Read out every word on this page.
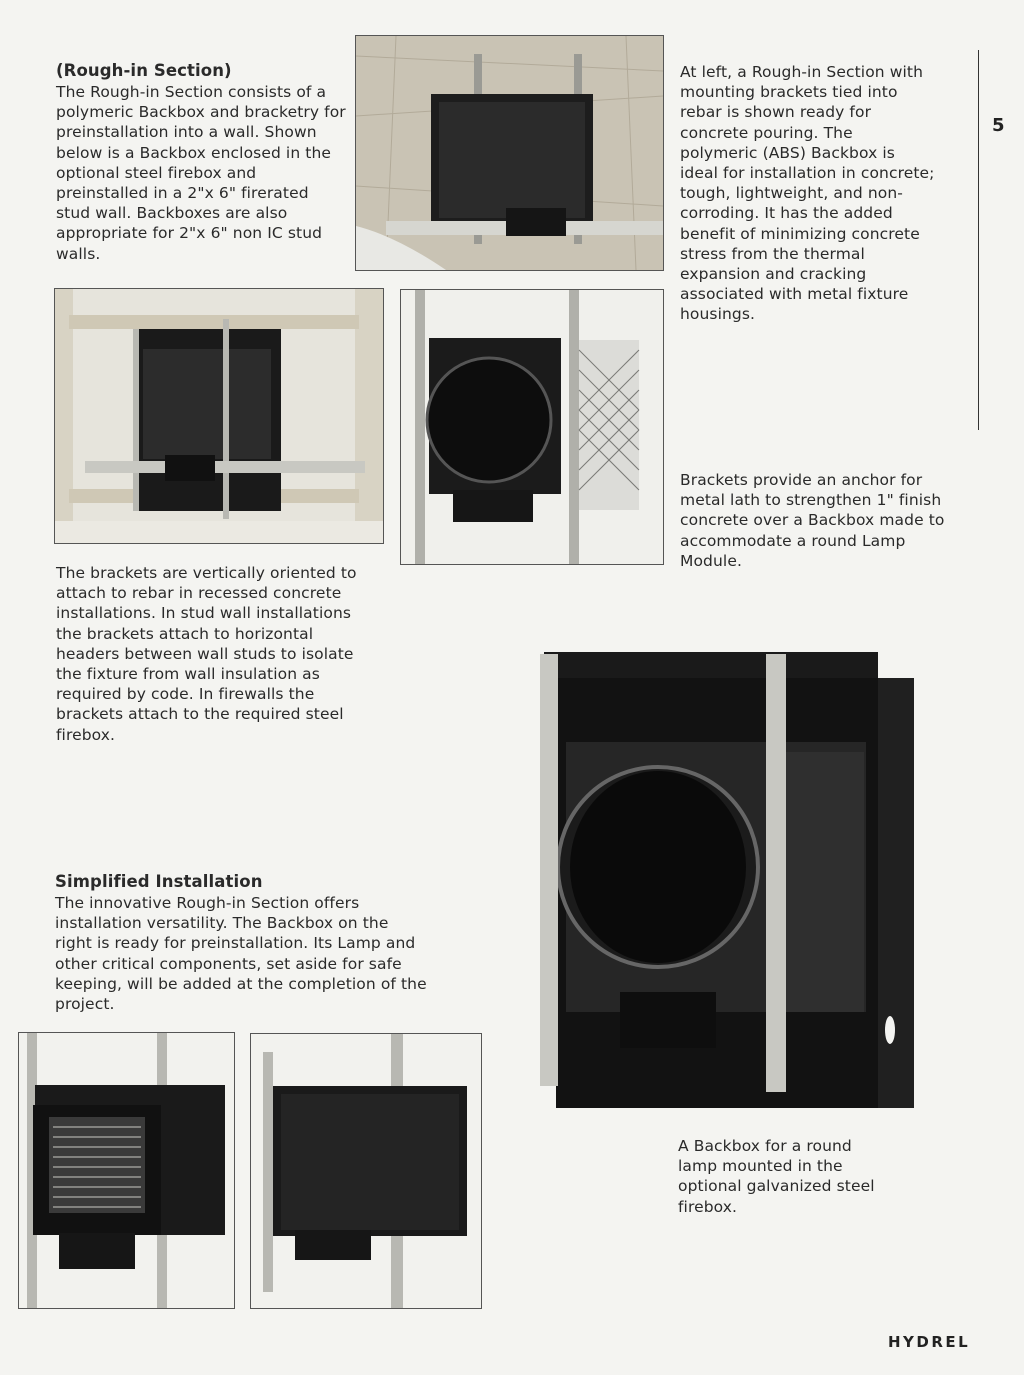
5
(Rough-in Section)
The Rough-in Section consists of a polymeric Backbox and bracketry for preinstallation into a wall. Shown below is a Backbox enclosed in the optional steel firebox and preinstalled in a 2"x 6" firerated stud wall. Backboxes are also appropriate for 2"x 6" non IC stud walls.
At left, a Rough-in Section with mounting brackets tied into rebar is shown ready for concrete pouring. The polymeric (ABS) Backbox is ideal for installation in concrete; tough, lightweight, and non-corroding. It has the added benefit of minimizing concrete stress from the thermal expansion and cracking associated with metal fixture housings.
Brackets provide an anchor for metal lath to strengthen 1" finish concrete over a Backbox made to accommodate a round Lamp Module.
The brackets are vertically oriented to attach to rebar in recessed concrete installations. In stud wall installations the brackets attach to horizontal headers between wall studs to isolate the fixture from wall insulation as required by code. In firewalls the brackets attach to the required steel firebox.
Simplified Installation
The innovative Rough-in Section offers installation versatility. The Backbox on the right is ready for preinstallation. Its Lamp and other critical components, set aside for safe keeping, will be added at the completion of the project.
A Backbox for a round lamp mounted in the optional galvanized steel firebox.
HYDREL
